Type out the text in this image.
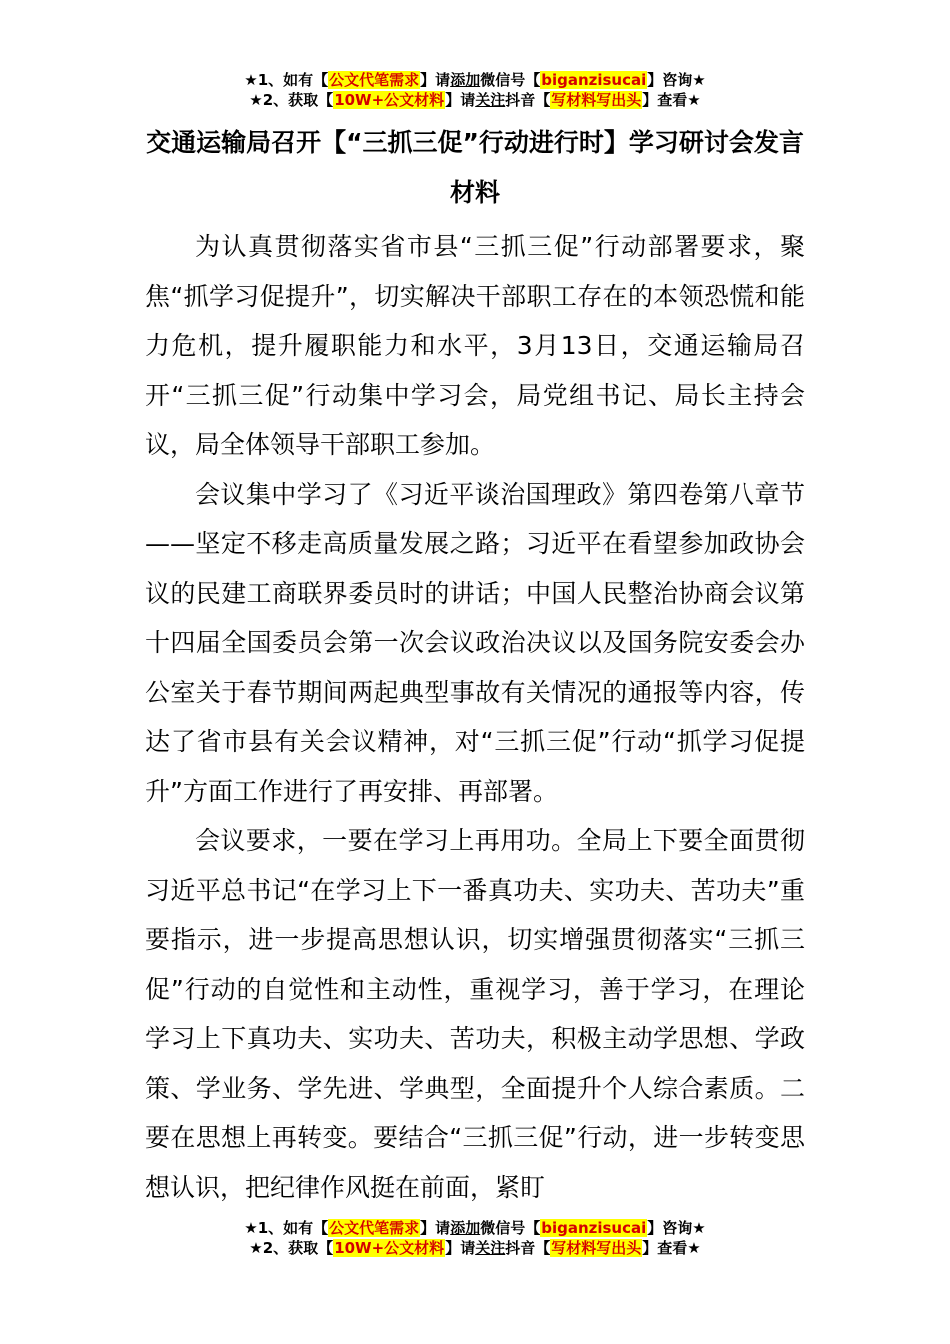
★1、如有【公文代笔需求】请添加微信号【biganzisucai】咨询★
★2、获取【10W+公文材料】请关注抖音【写材料写出头】查看★
交通运输局召开【“三抓三促”行动进行时】学习研讨会发言材料

为认真贯彻落实省市县“三抓三促”行动部署要求，聚焦“抓学习促提升”，切实解决干部职工存在的本领恐慌和能力危机，提升履职能力和水平，3月13日，交通运输局召开“三抓三促”行动集中学习会，局党组书记、局长主持会议，局全体领导干部职工参加。

会议集中学习了《习近平谈治国理政》第四卷第八章节——坚定不移走高质量发展之路；习近平在看望参加政协会议的民建工商联界委员时的讲话；中国人民整治协商会议第十四届全国委员会第一次会议政治决议以及国务院安委会办公室关于春节期间两起典型事故有关情况的通报等内容，传达了省市县有关会议精神，对“三抓三促”行动“抓学习促提升”方面工作进行了再安排、再部署。

会议要求，一要在学习上再用功。全局上下要全面贯彻习近平总书记“在学习上下一番真功夫、实功夫、苦功夫”重要指示，进一步提高思想认识，切实增强贯彻落实“三抓三促”行动的自觉性和主动性，重视学习，善于学习，在理论学习上下真功夫、实功夫、苦功夫，积极主动学思想、学政策、学业务、学先进、学典型，全面提升个人综合素质。二要在思想上再转变。要结合“三抓三促”行动，进一步转变思想认识，把纪律作风挺在前面，紧盯

★1、如有【公文代笔需求】请添加微信号【biganzisucai】咨询★
★2、获取【10W+公文材料】请关注抖音【写材料写出头】查看★
